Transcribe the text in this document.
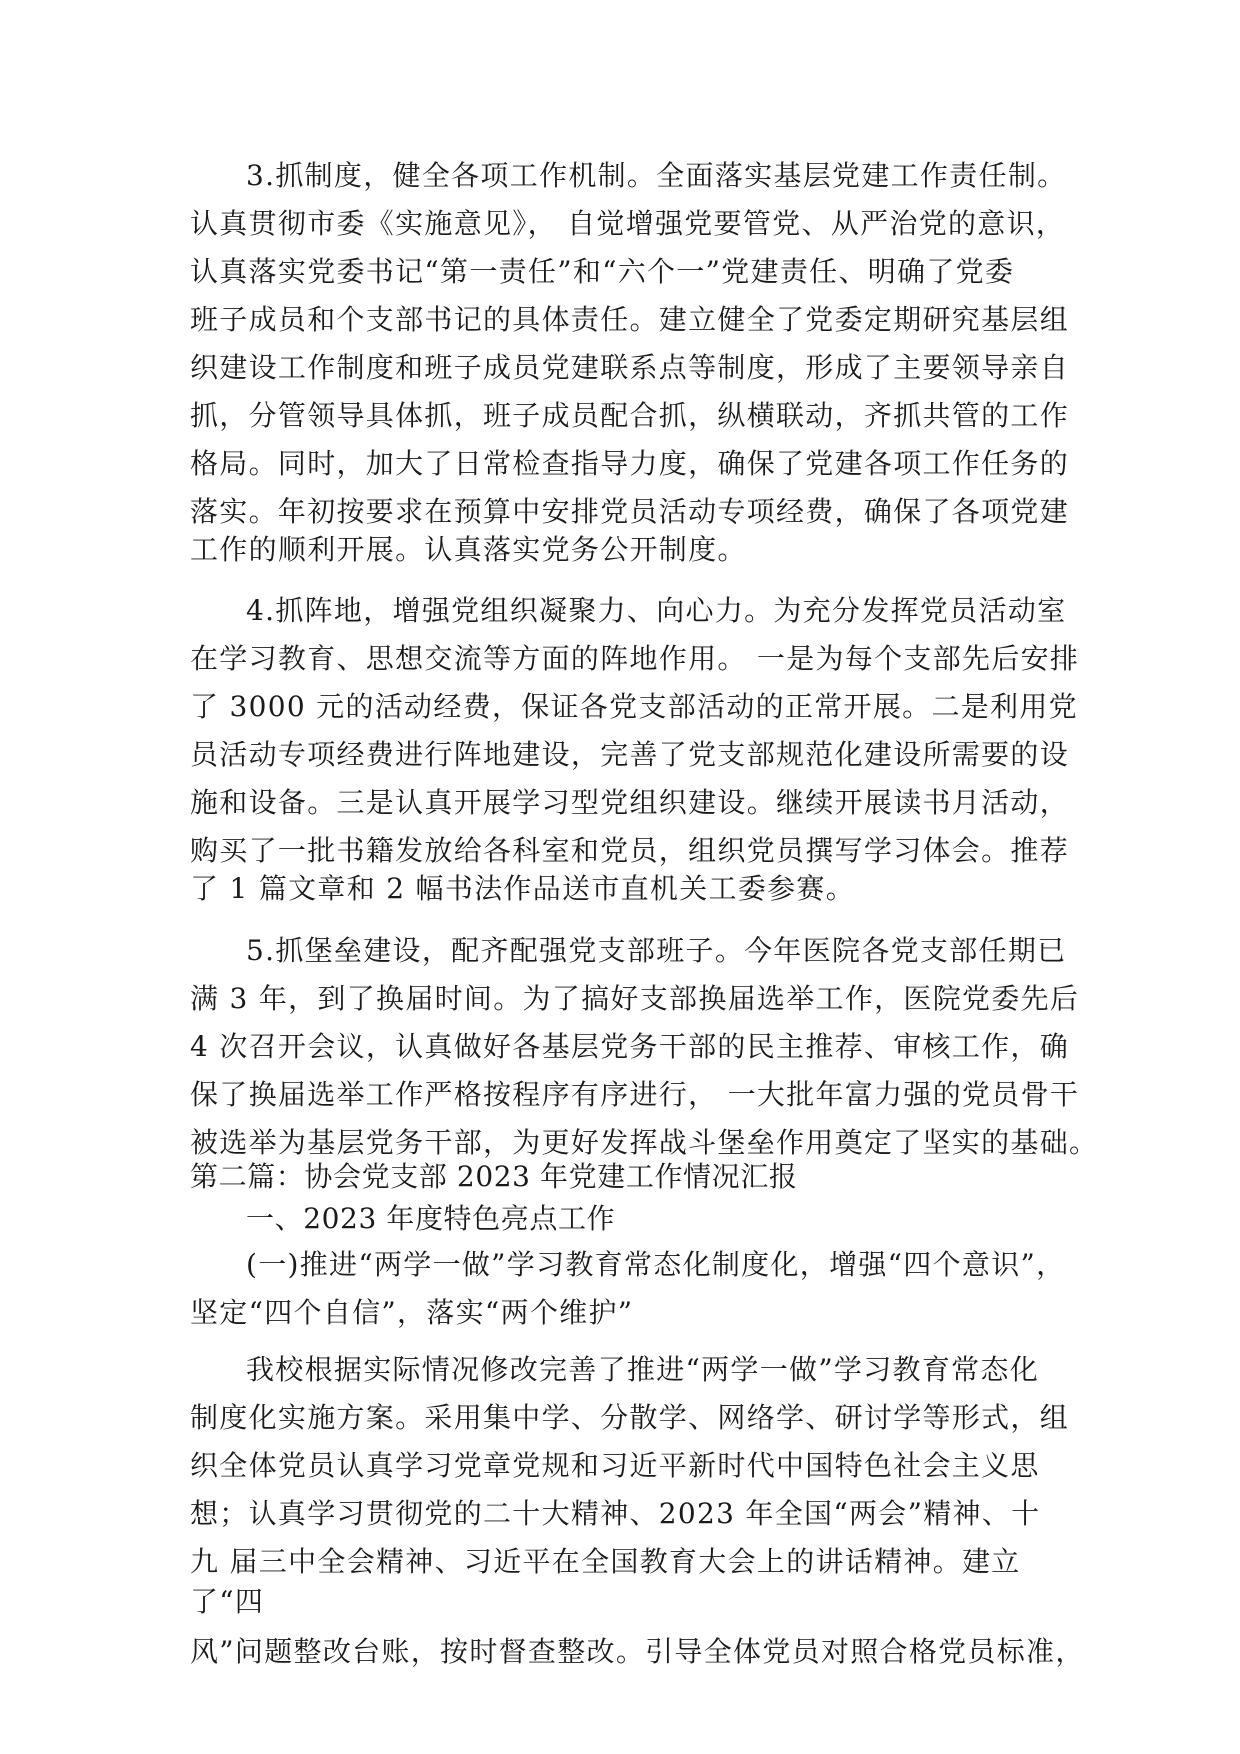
3.抓制度，健全各项工作机制。全面落实基层党建工作责任制。
认真贯彻市委《实施意见》， 自觉增强党要管党、从严治党的意识，
认真落实党委书记“第一责任”和“六个一”党建责任、明确了党委
班子成员和个支部书记的具体责任。建立健全了党委定期研究基层组
织建设工作制度和班子成员党建联系点等制度，形成了主要领导亲自
抓，分管领导具体抓，班子成员配合抓，纵横联动，齐抓共管的工作
格局。同时，加大了日常检查指导力度，确保了党建各项工作任务的
落实。年初按要求在预算中安排党员活动专项经费，确保了各项党建
工作的顺利开展。认真落实党务公开制度。
4.抓阵地，增强党组织凝聚力、向心力。为充分发挥党员活动室
在学习教育、思想交流等方面的阵地作用。 一是为每个支部先后安排
了 3000 元的活动经费，保证各党支部活动的正常开展。二是利用党
员活动专项经费进行阵地建设，完善了党支部规范化建设所需要的设
施和设备。三是认真开展学习型党组织建设。继续开展读书月活动，
购买了一批书籍发放给各科室和党员，组织党员撰写学习体会。推荐
了 1 篇文章和 2 幅书法作品送市直机关工委参赛。
5.抓堡垒建设，配齐配强党支部班子。今年医院各党支部任期已
满 3 年，到了换届时间。为了搞好支部换届选举工作，医院党委先后
4 次召开会议，认真做好各基层党务干部的民主推荐、审核工作，确
保了换届选举工作严格按程序有序进行， 一大批年富力强的党员骨干
被选举为基层党务干部，为更好发挥战斗堡垒作用奠定了坚实的基础。
第二篇：协会党支部 2023 年党建工作情况汇报
一、2023 年度特色亮点工作
(一)推进“两学一做”学习教育常态化制度化，增强“四个意识”，
坚定“四个自信”，落实“两个维护”
我校根据实际情况修改完善了推进“两学一做”学习教育常态化
制度化实施方案。采用集中学、分散学、网络学、研讨学等形式，组
织全体党员认真学习党章党规和习近平新时代中国特色社会主义思
想；认真学习贯彻党的二十大精神、2023 年全国“两会”精神、十
九 届三中全会精神、习近平在全国教育大会上的讲话精神。建立
了“四
风”问题整改台账，按时督查整改。引导全体党员对照合格党员标准，
